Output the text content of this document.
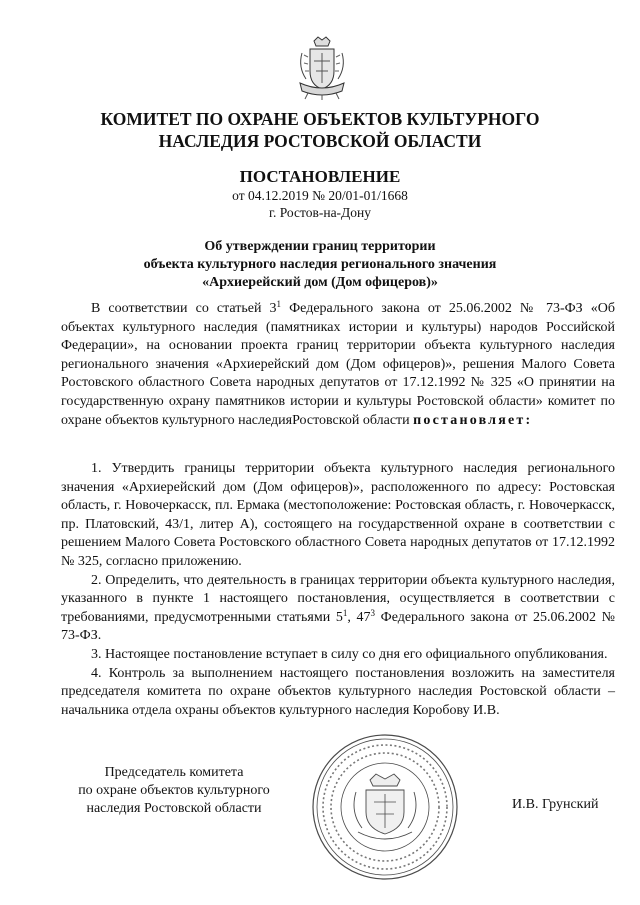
КОМИТЕТ ПО ОХРАНЕ ОБЪЕКТОВ КУЛЬТУРНОГО
НАСЛЕДИЯ РОСТОВСКОЙ ОБЛАСТИ
ПОСТАНОВЛЕНИЕ
от 04.12.2019 № 20/01-01/1668
г. Ростов-на-Дону
Об утверждении границ территории
объекта культурного наследия регионального значения
«Архиерейский дом (Дом офицеров)»

В соответствии со статьей $3^1$ Федерального закона от 25.06.2002 № 73-ФЗ «Об объектах культурного наследия (памятниках истории и культуры) народов Российской Федерации», на основании проекта границ территории объекта культурного наследия регионального значения «Архиерейский дом (Дом офицеров)», решения Малого Совета Ростовского областного Совета народных депутатов от 17.12.1992 № 325 «О принятии на государственную охрану памятников истории и культуры Ростовской области» комитет по охране объектов культурного наследияРостовской области постановляет:

1. Утвердить границы территории объекта культурного наследия регионального значения «Архиерейский дом (Дом офицеров)», расположенного по адресу: Ростовская область, г. Новочеркасск, пл. Ермака (местоположение: Ростовская область, г. Новочеркасск, пр. Платовский, 43/1, литер А), состоящего на государственной охране в соответствии с решением Малого Совета Ростовского областного Совета народных депутатов от 17.12.1992 № 325, согласно приложению.

2. Определить, что деятельность в границах территории объекта культурного наследия, указанного в пункте 1 настоящего постановления, осуществляется в соответствии с требованиями, предусмотренными статьями $5^1$, $47^3$ Федерального закона от 25.06.2002 № 73-ФЗ.

3. Настоящее постановление вступает в силу со дня его официального опубликования.

4. Контроль за выполнением настоящего постановления возложить на заместителя председателя комитета по охране объектов культурного наследия Ростовской области – начальника отдела охраны объектов культурного наследия Коробову И.В.

Председатель комитета
по охране объектов культурного
наследия Ростовской области	И.В. Грунский
